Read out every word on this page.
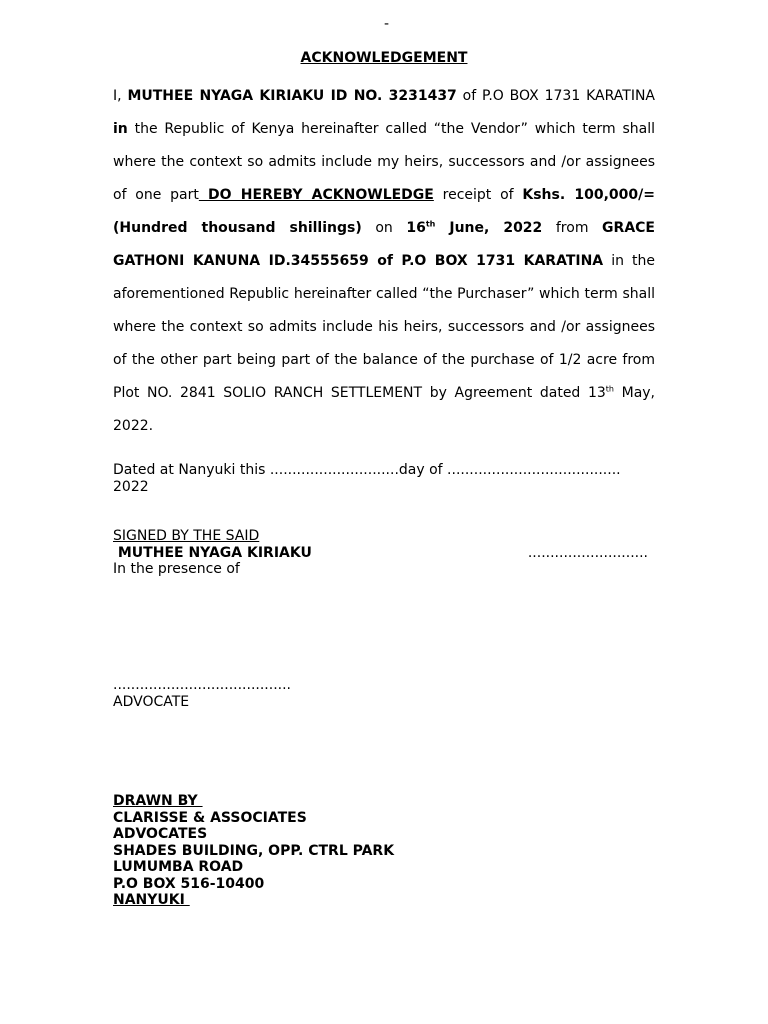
-
ACKNOWLEDGEMENT

I, MUTHEE NYAGA KIRIAKU ID NO. 3231437 of P.O BOX 1731 KARATINA in the Republic of Kenya hereinafter called “the Vendor” which term shall where the context so admits include my heirs, successors and /or assignees of one part DO HEREBY ACKNOWLEDGE receipt of Kshs. 100,000/= (Hundred thousand shillings) on 16th June, 2022 from GRACE GATHONI KANUNA ID.34555659 of P.O BOX 1731 KARATINA in the aforementioned Republic hereinafter called “the Purchaser” which term shall where the context so admits include his heirs, successors and /or assignees of the other part being part of the balance of the purchase of 1/2 acre from Plot NO. 2841 SOLIO RANCH SETTLEMENT by Agreement dated 13th May, 2022.

Dated at Nanyuki this .............................day of .......................................
2022
SIGNED BY THE SAID
MUTHEE NYAGA KIRIAKU	...........................
In the presence of
........................................
ADVOCATE
DRAWN BY
CLARISSE & ASSOCIATES
ADVOCATES
SHADES BUILDING, OPP. CTRL PARK
LUMUMBA ROAD
P.O BOX 516-10400
NANYUKI
